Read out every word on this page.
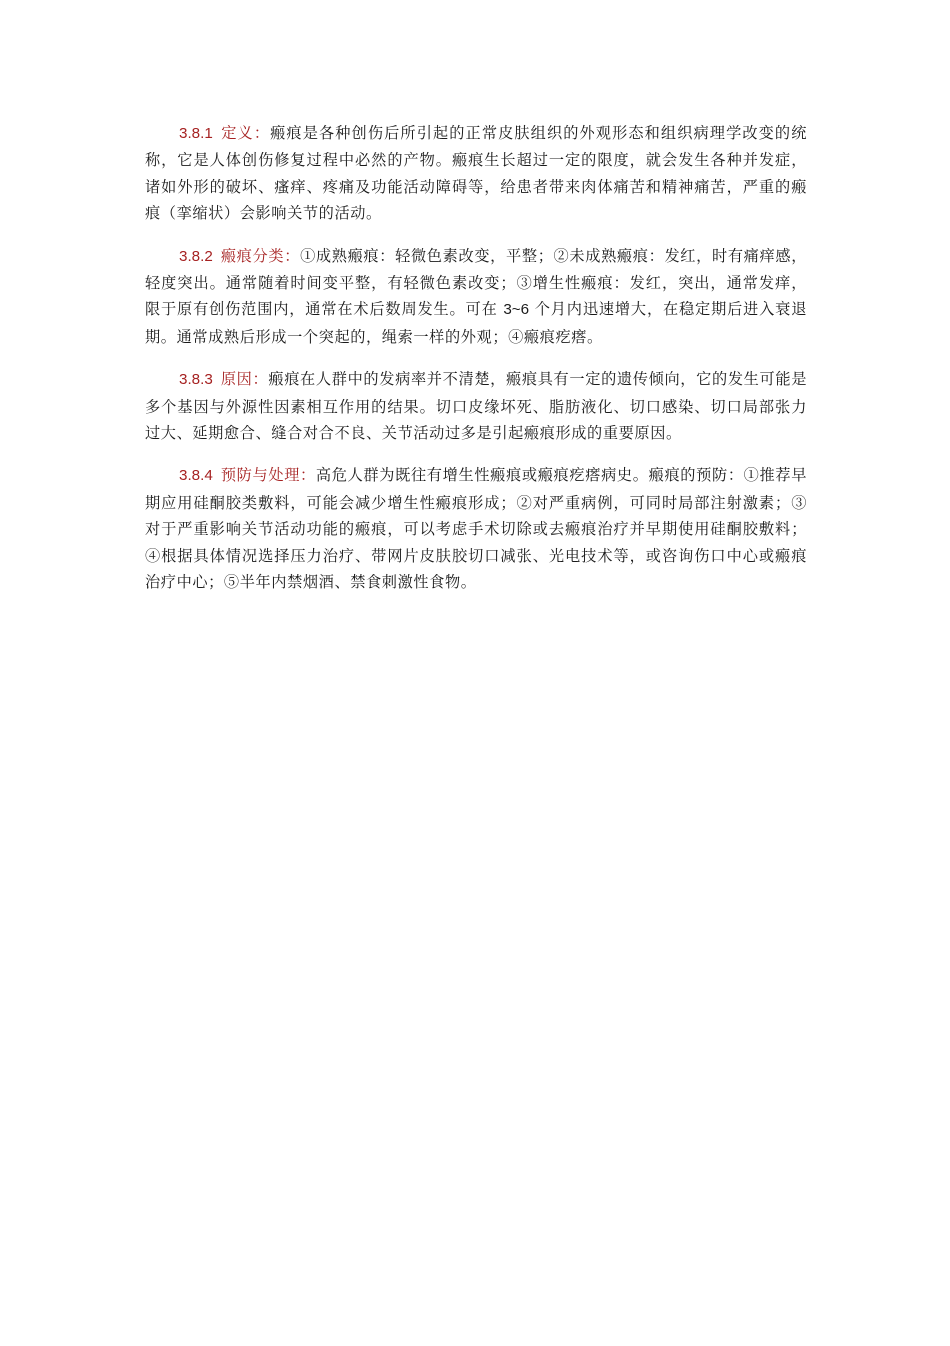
3.8.1 定义：瘢痕是各种创伤后所引起的正常皮肤组织的外观形态和组织病理学改变的统称，它是人体创伤修复过程中必然的产物。瘢痕生长超过一定的限度，就会发生各种并发症，诸如外形的破坏、瘙痒、疼痛及功能活动障碍等，给患者带来肉体痛苦和精神痛苦，严重的瘢痕（挛缩状）会影响关节的活动。

3.8.2 瘢痕分类：①成熟瘢痕：轻微色素改变，平整；②未成熟瘢痕：发红，时有痛痒感，轻度突出。通常随着时间变平整，有轻微色素改变；③增生性瘢痕：发红，突出，通常发痒，限于原有创伤范围内，通常在术后数周发生。可在 3~6 个月内迅速增大，在稳定期后进入衰退期。通常成熟后形成一个突起的，绳索一样的外观；④瘢痕疙瘩。

3.8.3 原因：瘢痕在人群中的发病率并不清楚，瘢痕具有一定的遗传倾向，它的发生可能是多个基因与外源性因素相互作用的结果。切口皮缘坏死、脂肪液化、切口感染、切口局部张力过大、延期愈合、缝合对合不良、关节活动过多是引起瘢痕形成的重要原因。

3.8.4 预防与处理：高危人群为既往有增生性瘢痕或瘢痕疙瘩病史。瘢痕的预防：①推荐早期应用硅酮胶类敷料，可能会减少增生性瘢痕形成；②对严重病例，可同时局部注射激素；③对于严重影响关节活动功能的瘢痕，可以考虑手术切除或去瘢痕治疗并早期使用硅酮胶敷料；④根据具体情况选择压力治疗、带网片皮肤胶切口减张、光电技术等，或咨询伤口中心或瘢痕治疗中心；⑤半年内禁烟酒、禁食刺激性食物。
